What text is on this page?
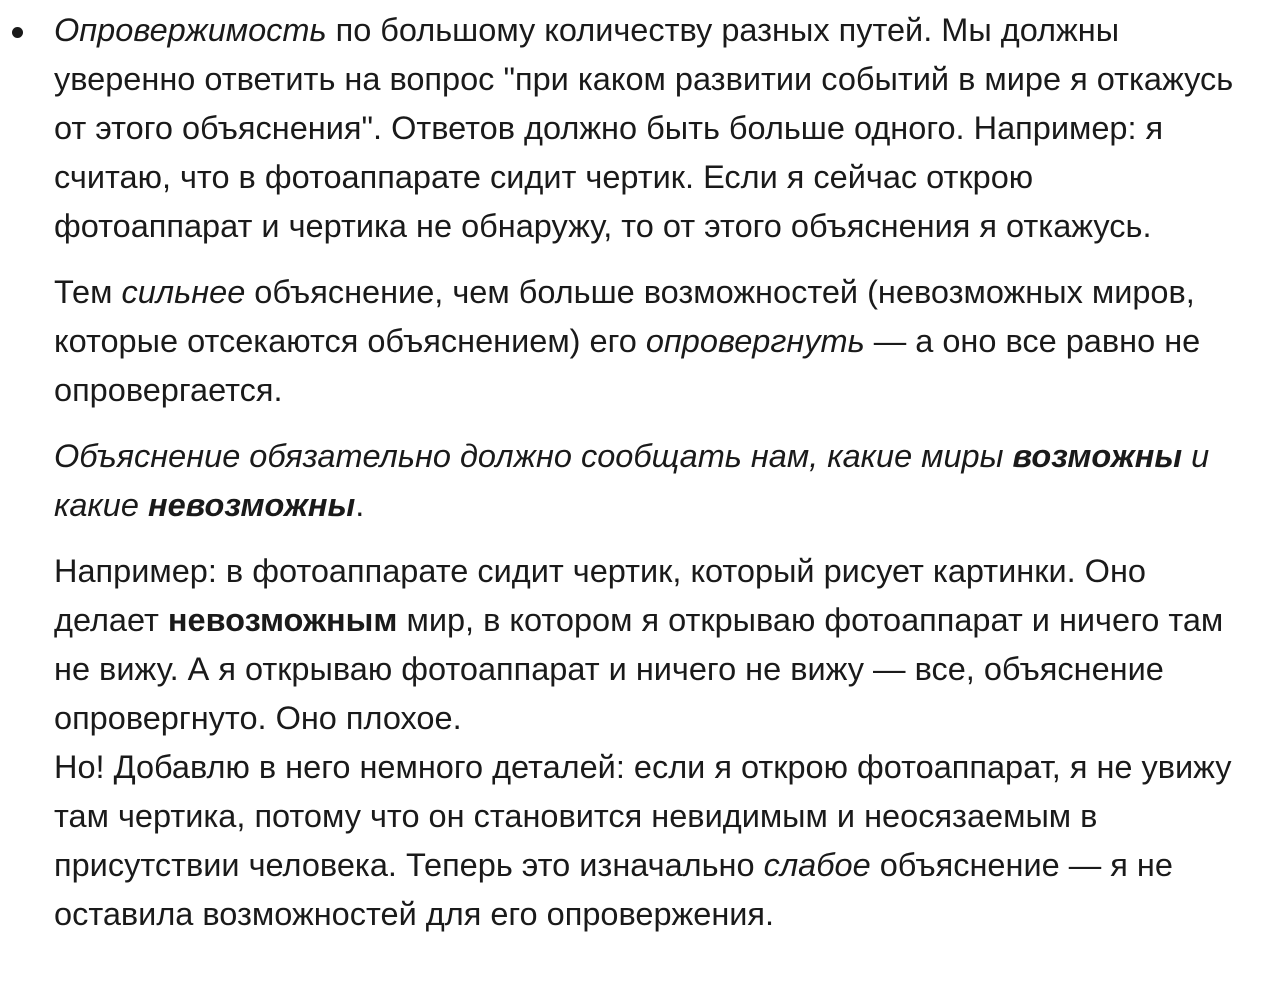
Опровержимость по большому количеству разных путей. Мы должны уверенно ответить на вопрос "при каком развитии событий в мире я откажусь от этого объяснения". Ответов должно быть больше одного. Например: я считаю, что в фотоаппарате сидит чертик. Если я сейчас открою фотоаппарат и чертика не обнаружу, то от этого объяснения я откажусь.

Тем сильнее объяснение, чем больше возможностей (невозможных миров, которые отсекаются объяснением) его опровергнуть — а оно все равно не опровергается.

Объяснение обязательно должно сообщать нам, какие миры возможны и какие невозможны.

Например: в фотоаппарате сидит чертик, который рисует картинки. Оно делает невозможным мир, в котором я открываю фотоаппарат и ничего там не вижу. А я открываю фотоаппарат и ничего не вижу — все, объяснение опровергнуто. Оно плохое.
Но! Добавлю в него немного деталей: если я открою фотоаппарат, я не увижу там чертика, потому что он становится невидимым и неосязаемым в присутствии человека. Теперь это изначально слабое объяснение — я не оставила возможностей для его опровержения.
